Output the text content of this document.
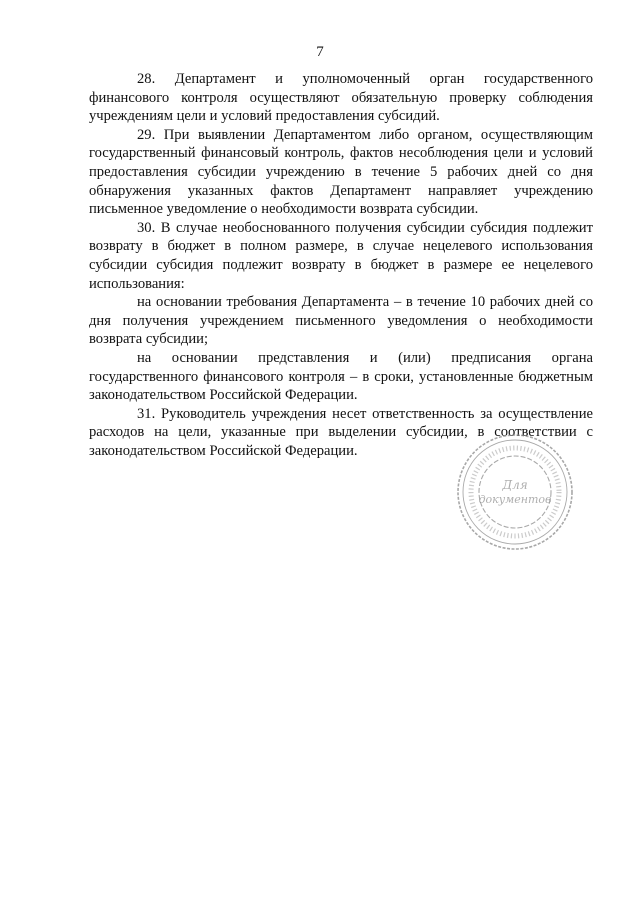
7

28. Департамент и уполномоченный орган государственного финансового контроля осуществляют обязательную проверку соблюдения учреждениям цели и условий предоставления субсидий.

29. При выявлении Департаментом либо органом, осуществляющим государственный финансовый контроль, фактов несоблюдения цели и условий предоставления субсидии учреждению в течение 5 рабочих дней со дня обнаружения указанных фактов Департамент направляет учреждению письменное уведомление о необходимости возврата субсидии.

30. В случае необоснованного получения субсидии субсидия подлежит возврату в бюджет в полном размере, в случае нецелевого использования субсидии субсидия подлежит возврату в бюджет в размере ее нецелевого использования:

на основании требования Департамента – в течение 10 рабочих дней со дня получения учреждением письменного уведомления о необходимости возврата субсидии;

на основании представления и (или) предписания органа государственного финансового контроля – в сроки, установленные бюджетным законодательством Российской Федерации.

31. Руководитель учреждения несет ответственность за осуществление расходов на цели, указанные при выделении субсидии, в соответствии с законодательством Российской Федерации.

Для
документов
